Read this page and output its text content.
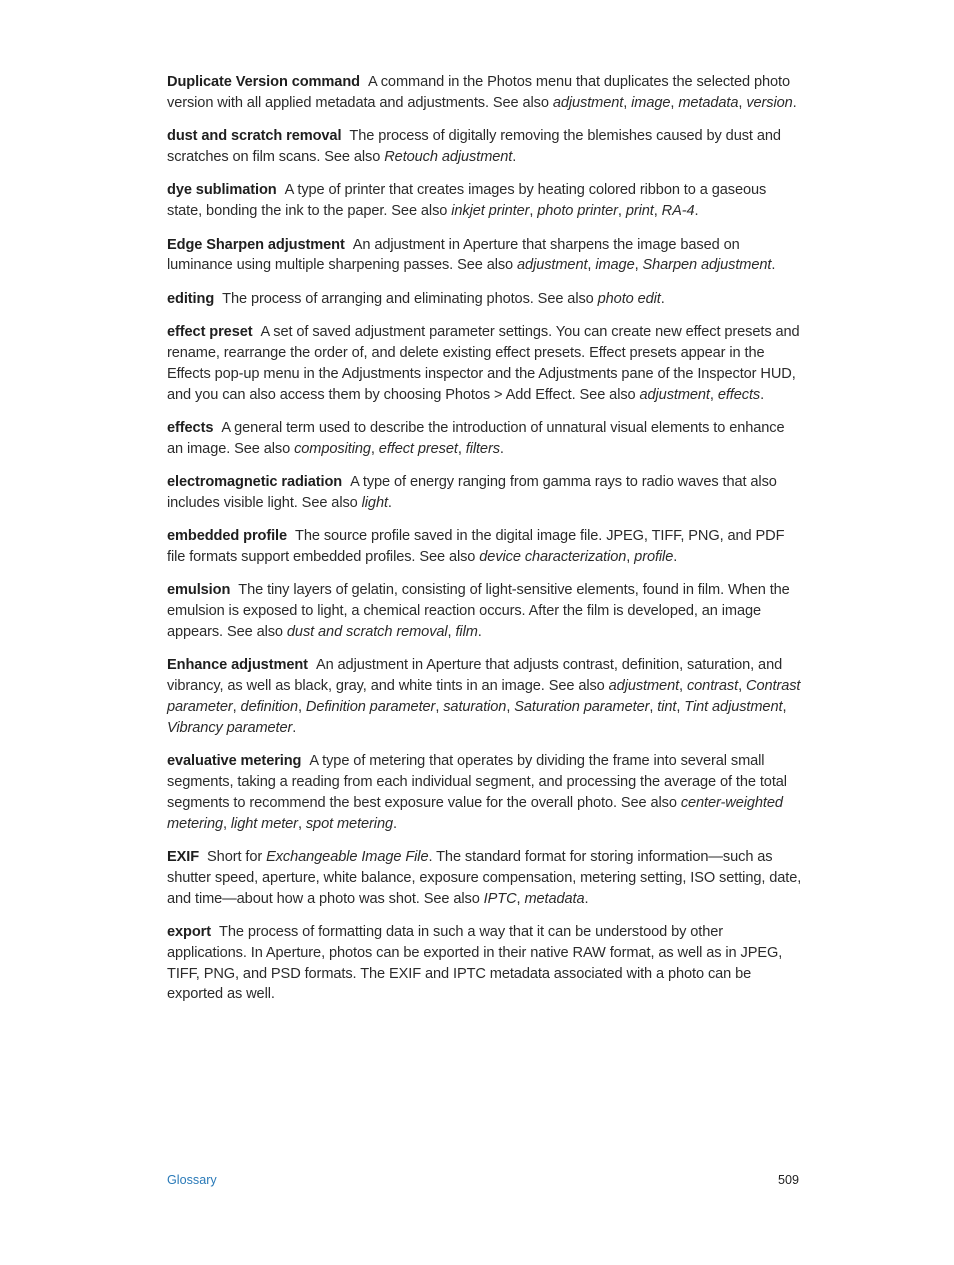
Duplicate Version command A command in the Photos menu that duplicates the selected photo version with all applied metadata and adjustments. See also adjustment, image, metadata, version.

dust and scratch removal The process of digitally removing the blemishes caused by dust and scratches on film scans. See also Retouch adjustment.

dye sublimation A type of printer that creates images by heating colored ribbon to a gaseous state, bonding the ink to the paper. See also inkjet printer, photo printer, print, RA-4.

Edge Sharpen adjustment An adjustment in Aperture that sharpens the image based on luminance using multiple sharpening passes. See also adjustment, image, Sharpen adjustment.

editing The process of arranging and eliminating photos. See also photo edit.

effect preset A set of saved adjustment parameter settings. You can create new effect presets and rename, rearrange the order of, and delete existing effect presets. Effect presets appear in the Effects pop-up menu in the Adjustments inspector and the Adjustments pane of the Inspector HUD, and you can also access them by choosing Photos > Add Effect. See also adjustment, effects.

effects A general term used to describe the introduction of unnatural visual elements to enhance an image. See also compositing, effect preset, filters.

electromagnetic radiation A type of energy ranging from gamma rays to radio waves that also includes visible light. See also light.

embedded profile The source profile saved in the digital image file. JPEG, TIFF, PNG, and PDF file formats support embedded profiles. See also device characterization, profile.

emulsion The tiny layers of gelatin, consisting of light-sensitive elements, found in film. When the emulsion is exposed to light, a chemical reaction occurs. After the film is developed, an image appears. See also dust and scratch removal, film.

Enhance adjustment An adjustment in Aperture that adjusts contrast, definition, saturation, and vibrancy, as well as black, gray, and white tints in an image. See also adjustment, contrast, Contrast parameter, definition, Definition parameter, saturation, Saturation parameter, tint, Tint adjustment, Vibrancy parameter.

evaluative metering A type of metering that operates by dividing the frame into several small segments, taking a reading from each individual segment, and processing the average of the total segments to recommend the best exposure value for the overall photo. See also center-weighted metering, light meter, spot metering.

EXIF Short for Exchangeable Image File. The standard format for storing information—such as shutter speed, aperture, white balance, exposure compensation, metering setting, ISO setting, date, and time—about how a photo was shot. See also IPTC, metadata.

export The process of formatting data in such a way that it can be understood by other applications. In Aperture, photos can be exported in their native RAW format, as well as in JPEG, TIFF, PNG, and PSD formats. The EXIF and IPTC metadata associated with a photo can be exported as well.

Glossary	509
